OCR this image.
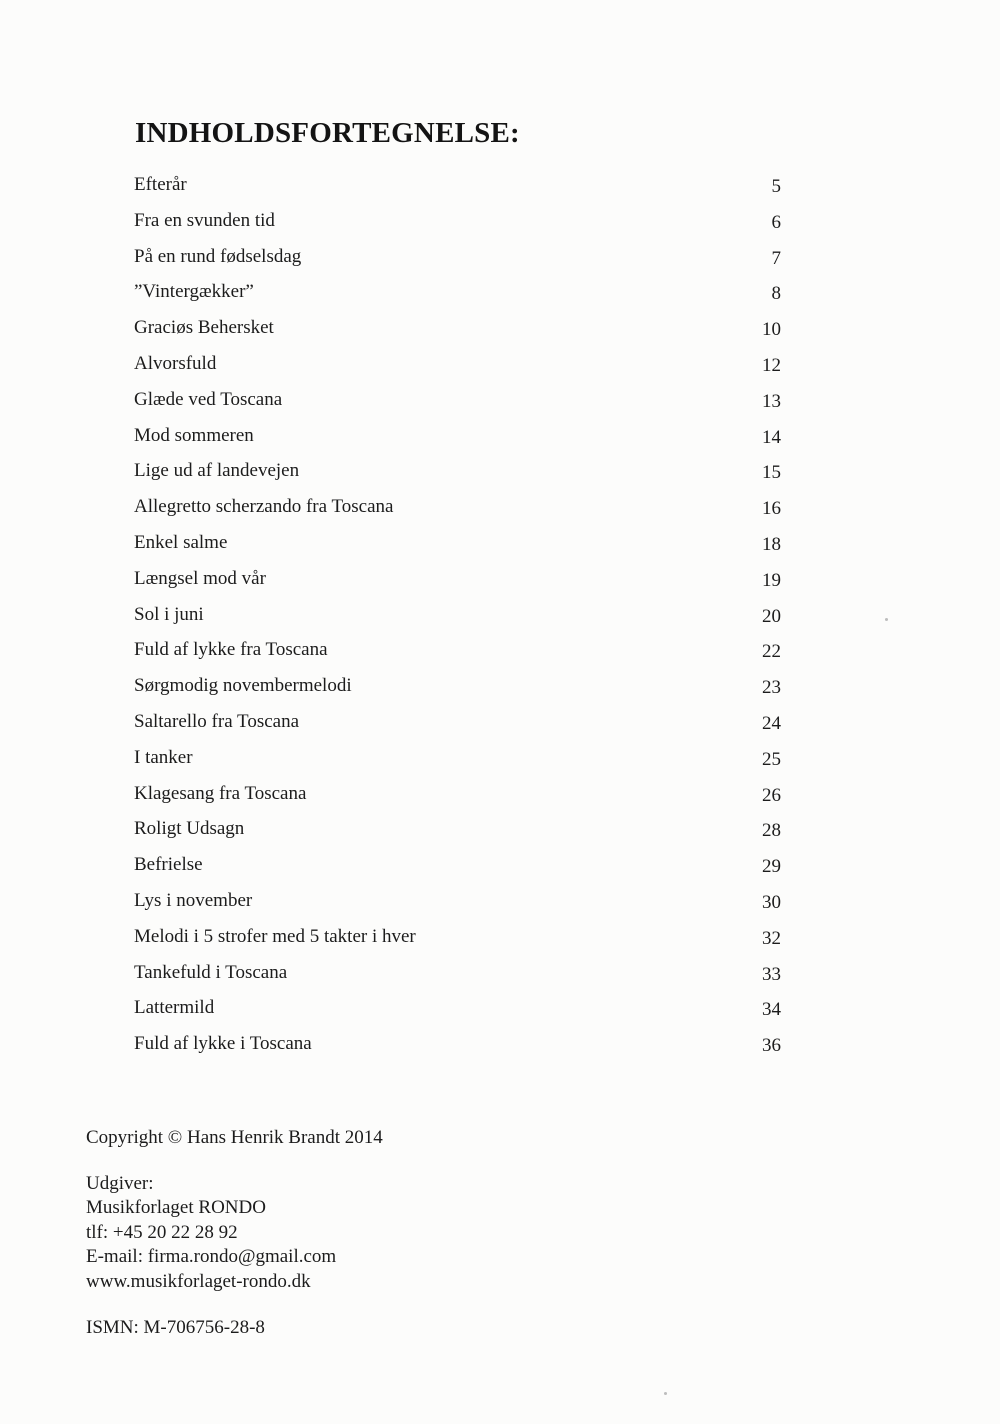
INDHOLDSFORTEGNELSE:
Efterår	5
Fra en svunden tid	6
På en rund fødselsdag	7
”Vintergækker”	8
Graciøs Behersket	10
Alvorsfuld	12
Glæde ved Toscana	13
Mod sommeren	14
Lige ud af landevejen	15
Allegretto scherzando fra Toscana	16
Enkel salme	18
Længsel mod vår	19
Sol i juni	20
Fuld af lykke fra Toscana	22
Sørgmodig novembermelodi	23
Saltarello fra Toscana	24
I tanker	25
Klagesang fra Toscana	26
Roligt Udsagn	28
Befrielse	29
Lys i november	30
Melodi i 5 strofer med 5 takter i hver	32
Tankefuld i Toscana	33
Lattermild	34
Fuld af lykke i Toscana	36
Copyright © Hans Henrik Brandt 2014
Udgiver:
Musikforlaget RONDO
tlf: +45 20 22 28 92
E-mail: firma.rondo@gmail.com
www.musikforlaget-rondo.dk
ISMN: M-706756-28-8
